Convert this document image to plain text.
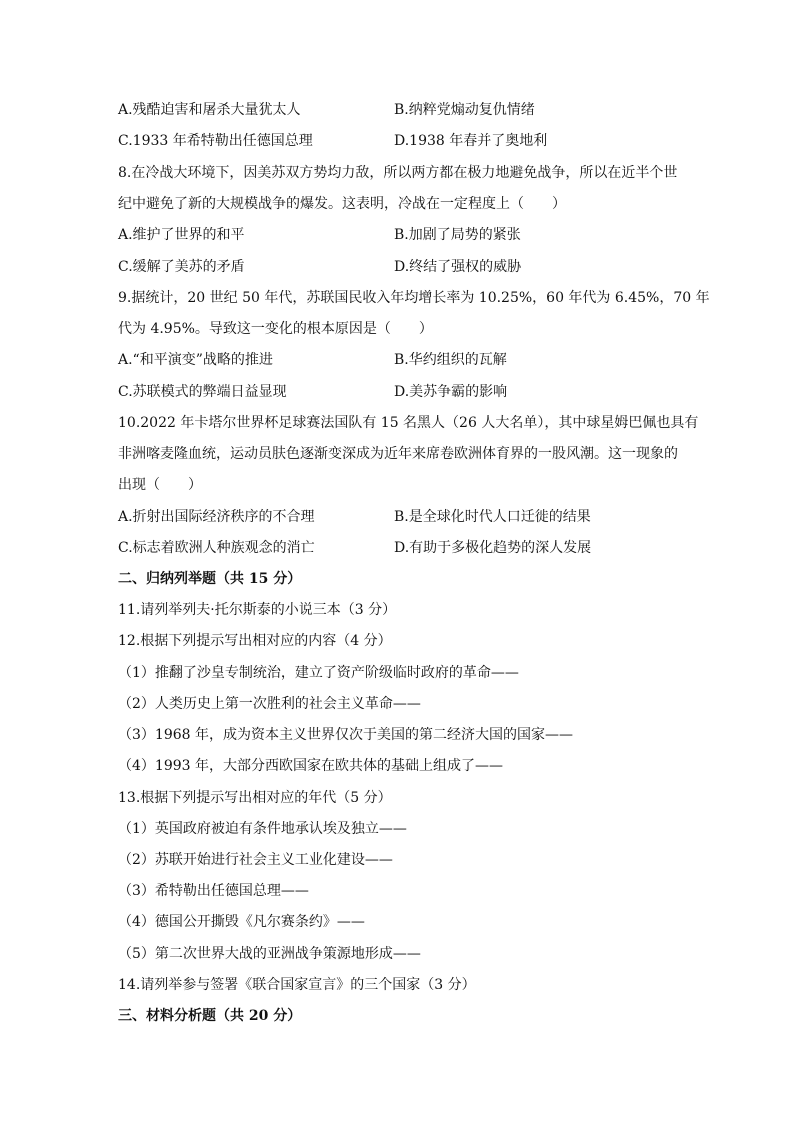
A.残酷迫害和屠杀大量犹太人	B.纳粹党煽动复仇情绪
C.1933 年希特勒出任德国总理	D.1938 年春并了奥地利
8.在冷战大环境下，因美苏双方势均力敌，所以两方都在极力地避免战争，所以在近半个世
纪中避免了新的大规模战争的爆发。这表明，冷战在一定程度上（　　）
A.维护了世界的和平	B.加剧了局势的紧张
C.缓解了美苏的矛盾	D.终结了强权的威胁
9.据统计，20 世纪 50 年代，苏联国民收入年均增长率为 10.25%，60 年代为 6.45%，70 年
代为 4.95%。导致这一变化的根本原因是（　　）
A.“和平演变”战略的推进	B.华约组织的瓦解
C.苏联模式的弊端日益显现	D.美苏争霸的影响
10.2022 年卡塔尔世界杯足球赛法国队有 15 名黑人（26 人大名单），其中球星姆巴佩也具有
非洲喀麦隆血统，运动员肤色逐渐变深成为近年来席卷欧洲体育界的一股风潮。这一现象的
出现（　　）
A.折射出国际经济秩序的不合理	B.是全球化时代人口迁徙的结果
C.标志着欧洲人种族观念的消亡	D.有助于多极化趋势的深人发展
二、归纳列举题（共 15 分）
11.请列举列夫·托尔斯泰的小说三本（3 分）
12.根据下列提示写出相对应的内容（4 分）
（1）推翻了沙皇专制统治，建立了资产阶级临时政府的革命——
（2）人类历史上第一次胜利的社会主义革命——
（3）1968 年，成为资本主义世界仅次于美国的第二经济大国的国家——
（4）1993 年，大部分西欧国家在欧共体的基础上组成了——
13.根据下列提示写出相对应的年代（5 分）
（1）英国政府被迫有条件地承认埃及独立——
（2）苏联开始进行社会主义工业化建设——
（3）希特勒出任德国总理——
（4）德国公开撕毁《凡尔赛条约》——
（5）第二次世界大战的亚洲战争策源地形成——
14.请列举参与签署《联合国家宣言》的三个国家（3 分）
三、材料分析题（共 20 分）
